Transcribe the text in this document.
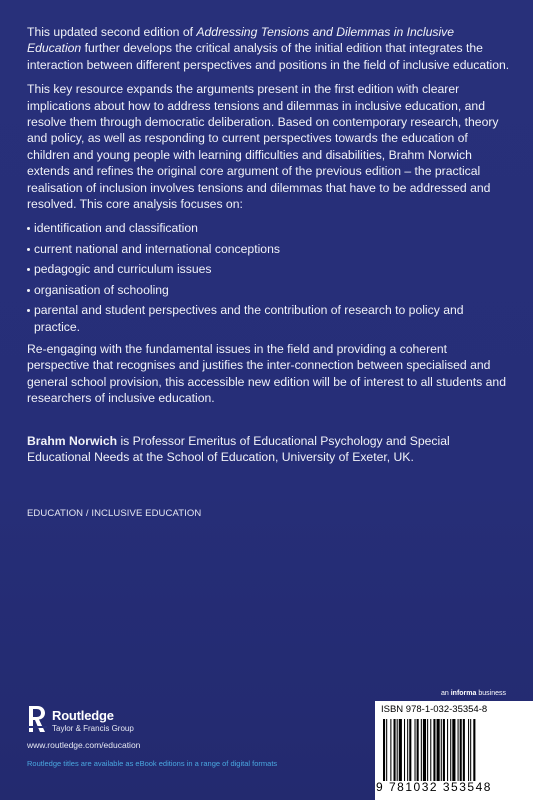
This updated second edition of Addressing Tensions and Dilemmas in Inclusive Education further develops the critical analysis of the initial edition that integrates the interaction between different perspectives and positions in the field of inclusive education.

This key resource expands the arguments present in the first edition with clearer implications about how to address tensions and dilemmas in inclusive education, and resolve them through democratic deliberation. Based on contemporary research, theory and policy, as well as responding to current perspectives towards the education of children and young people with learning difficulties and disabilities, Brahm Norwich extends and refines the original core argument of the previous edition – the practical realisation of inclusion involves tensions and dilemmas that have to be addressed and resolved. This core analysis focuses on:

identification and classification
current national and international conceptions
pedagogic and curriculum issues
organisation of schooling
parental and student perspectives and the contribution of research to policy and practice.

Re-engaging with the fundamental issues in the field and providing a coherent perspective that recognises and justifies the inter-connection between specialised and general school provision, this accessible new edition will be of interest to all students and researchers of inclusive education.

Brahm Norwich is Professor Emeritus of Educational Psychology and Special Educational Needs at the School of Education, University of Exeter, UK.

EDUCATION / INCLUSIVE EDUCATION
Routledge
Taylor & Francis Group
www.routledge.com/education
Routledge titles are available as eBook editions in a range of digital formats
an informa business
ISBN 978-1-032-35354-8
9 781032 353548
